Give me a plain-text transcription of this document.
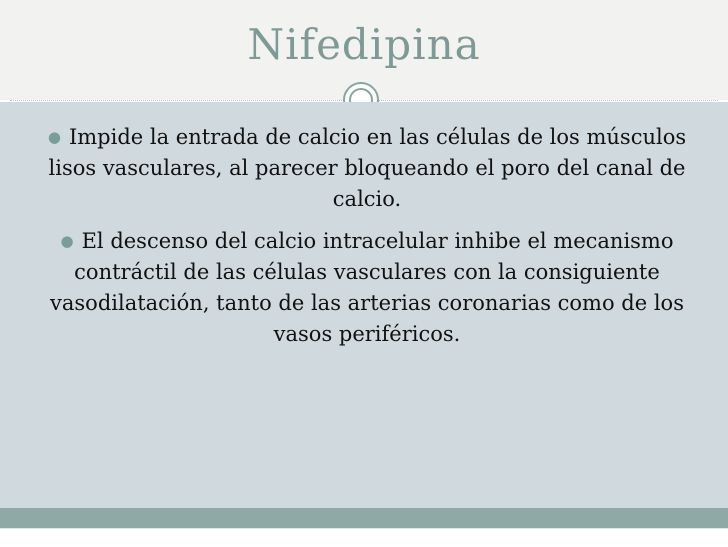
Nifedipina
● Impide la entrada de calcio en las células de los músculos lisos vasculares, al parecer bloqueando el poro del canal de calcio.
● El descenso del calcio intracelular inhibe el mecanismo contráctil de las células vasculares con la consiguiente vasodilatación, tanto de las arterias coronarias como de los vasos periféricos.
